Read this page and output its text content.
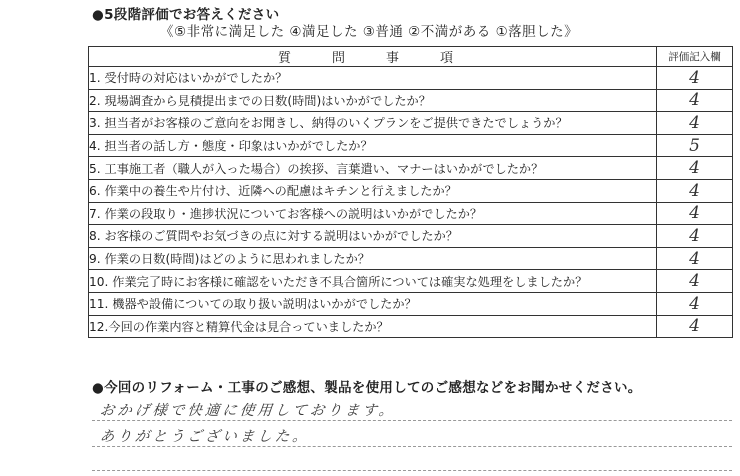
●5段階評価でお答えください
《⑤非常に満足した ④満足した ③普通 ②不満がある ①落胆した》
質　問　事　項	評価記入欄
1. 受付時の対応はいかがでしたか？	4
2. 現場調査から見積提出までの日数(時間)はいかがでしたか？	4
3. 担当者がお客様のご意向をお聞きし、納得のいくプランをご提供できたでしょうか？	4
4. 担当者の話し方・態度・印象はいかがでしたか？	5
5. 工事施工者（職人が入った場合）の挨拶、言葉遣い、マナーはいかがでしたか？	4
6. 作業中の養生や片付け、近隣への配慮はキチンと行えましたか？	4
7. 作業の段取り・進捗状況についてお客様への説明はいかがでしたか？	4
8. お客様のご質問やお気づきの点に対する説明はいかがでしたか？	4
9. 作業の日数(時間)はどのように思われましたか？	4
10. 作業完了時にお客様に確認をいただき不具合箇所については確実な処理をしましたか？	4
11. 機器や設備についての取り扱い説明はいかがでしたか？	4
12.今回の作業内容と精算代金は見合っていましたか？	4
●今回のリフォーム・工事のご感想、製品を使用してのご感想などをお聞かせください。
おかげ様で快適に使用しております。
ありがとうございました。
